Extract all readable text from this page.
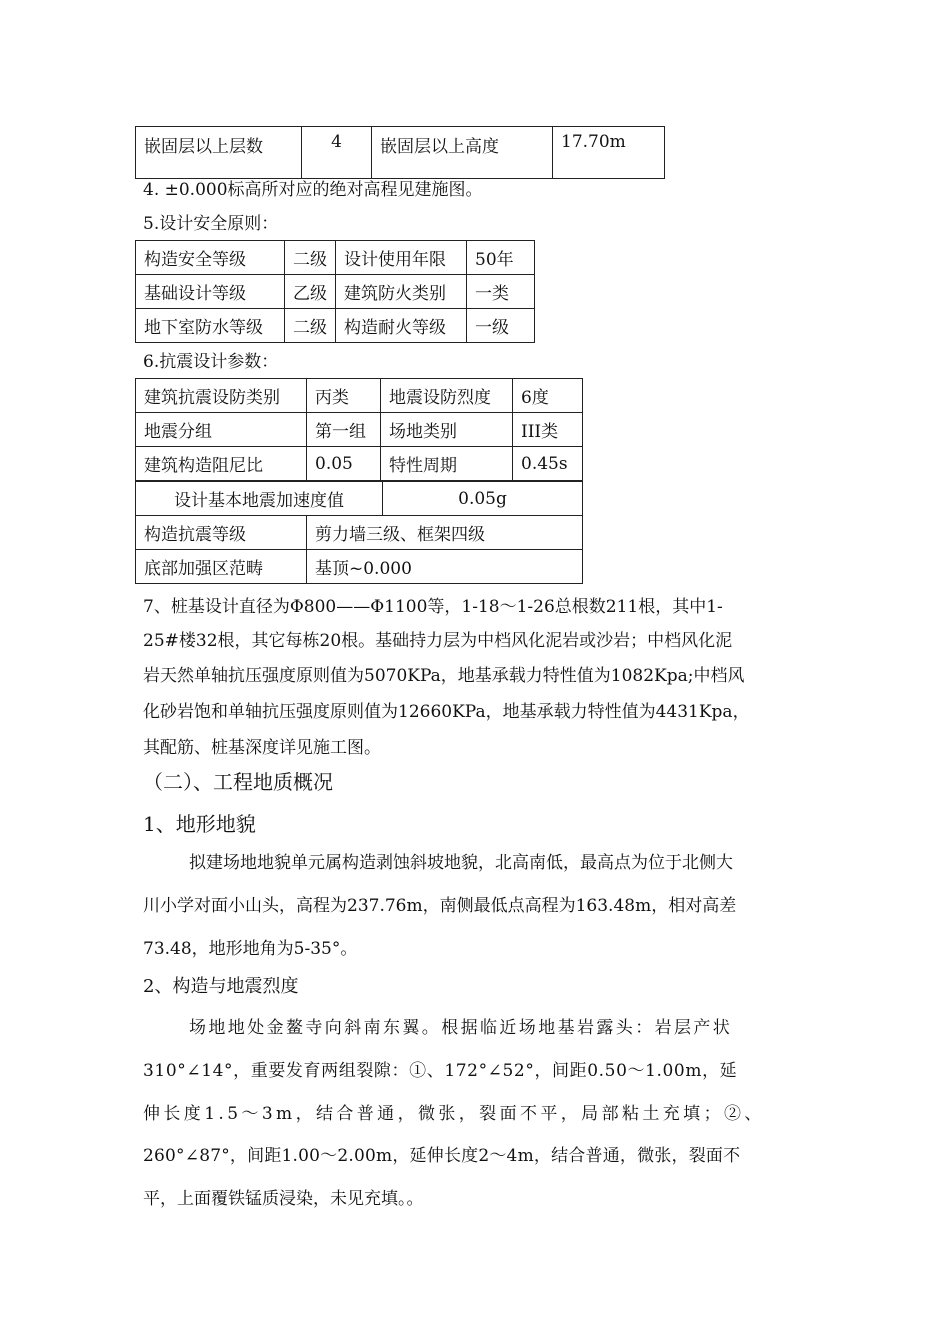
嵌固层以上层数	4	嵌固层以上高度	17.70m
4. ±0.000标高所对应的绝对高程见建施图。
5.设计安全原则：
构造安全等级	二级	设计使用年限	50年
基础设计等级	乙级	建筑防火类别	一类
地下室防水等级	二级	构造耐火等级	一级
6.抗震设计参数：
建筑抗震设防类别	丙类	地震设防烈度	6度
地震分组	第一组	场地类别	III类
建筑构造阻尼比	0.05	特性周期	0.45s
设计基本地震加速度值	0.05g
构造抗震等级	剪力墙三级、框架四级
底部加强区范畴	基顶~0.000
7、桩基设计直径为Φ800——Φ1100等，1-18～1-26总根数211根，其中1-
25#楼32根，其它每栋20根。基础持力层为中档风化泥岩或沙岩；中档风化泥
岩天然单轴抗压强度原则值为5070KPa，地基承载力特性值为1082Kpa;中档风
化砂岩饱和单轴抗压强度原则值为12660KPa，地基承载力特性值为4431Kpa，
其配筋、桩基深度详见施工图。
（二）、工程地质概况
1、地形地貌
拟建场地地貌单元属构造剥蚀斜坡地貌，北高南低，最高点为位于北侧大
川小学对面小山头，高程为237.76m，南侧最低点高程为163.48m，相对高差
73.48，地形地角为5-35°。
2、构造与地震烈度
场地地处金鳌寺向斜南东翼。根据临近场地基岩露头：岩层产状
310°∠14°，重要发育两组裂隙：①、172°∠52°，间距0.50～1.00m，延
伸长度1.5～3m，结合普通，微张，裂面不平，局部粘土充填；②、
260°∠87°，间距1.00～2.00m，延伸长度2～4m，结合普通，微张，裂面不
平，上面覆铁锰质浸染，未见充填。。
